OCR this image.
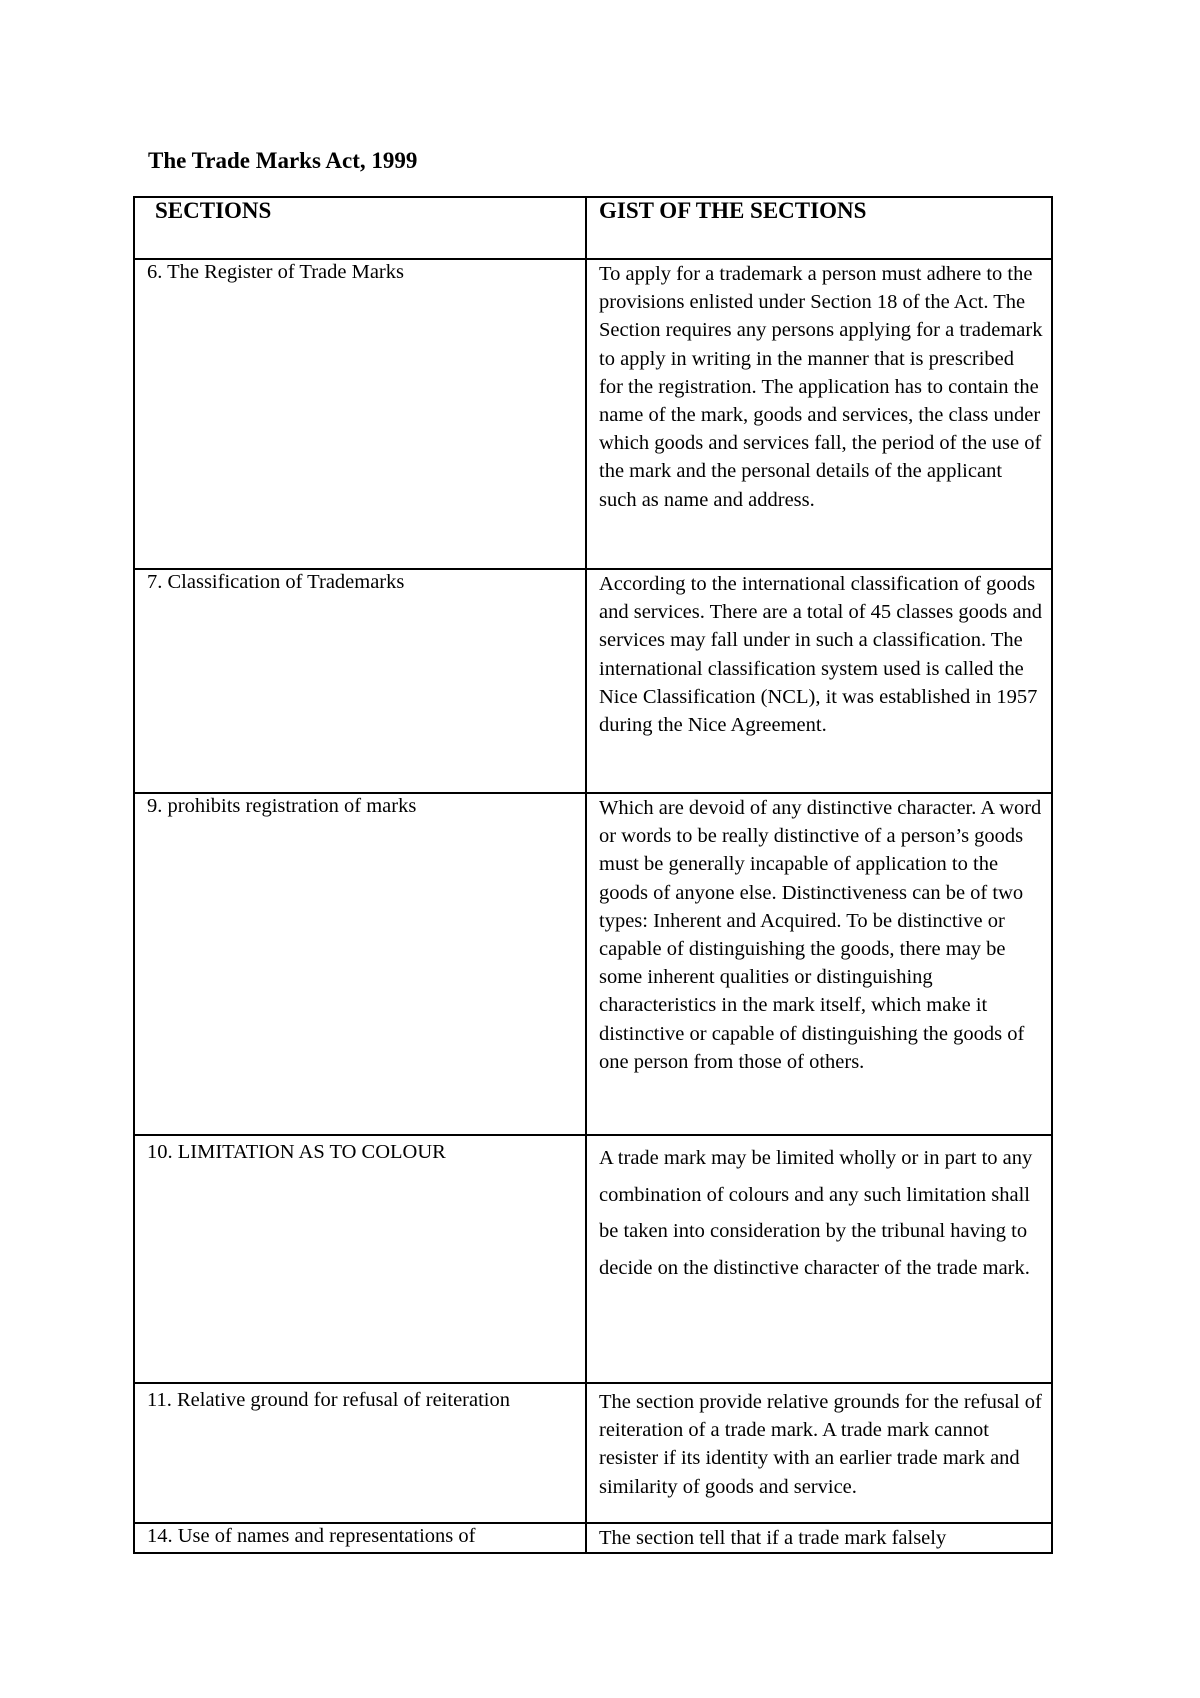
The Trade Marks Act, 1999
SECTIONS	GIST OF THE SECTIONS
6. The Register of Trade Marks	To apply for a trademark a person must adhere to the provisions enlisted under Section 18 of the Act. The Section requires any persons applying for a trademark to apply in writing in the manner that is prescribed for the registration. The application has to contain the name of the mark, goods and services, the class under which goods and services fall, the period of the use of the mark and the personal details of the applicant such as name and address.
7. Classification of Trademarks	According to the international classification of goods and services. There are a total of 45 classes goods and services may fall under in such a classification. The international classification system used is called the Nice Classification (NCL), it was established in 1957 during the Nice Agreement.
9. prohibits registration of marks	Which are devoid of any distinctive character. A word or words to be really distinctive of a person’s goods must be generally incapable of application to the goods of anyone else. Distinctiveness can be of two types: Inherent and Acquired. To be distinctive or capable of distinguishing the goods, there may be some inherent qualities or distinguishing characteristics in the mark itself, which make it distinctive or capable of distinguishing the goods of one person from those of others.
10. LIMITATION AS TO COLOUR	A trade mark may be limited wholly or in part to any combination of colours and any such limitation shall be taken into consideration by the tribunal having to decide on the distinctive character of the trade mark.
11. Relative ground for refusal of reiteration	The section provide relative grounds for the refusal of reiteration of a trade mark. A trade mark cannot resister if its identity with an earlier trade mark and similarity of goods and service.
14. Use of names and representations of	The section tell that if a trade mark falsely
